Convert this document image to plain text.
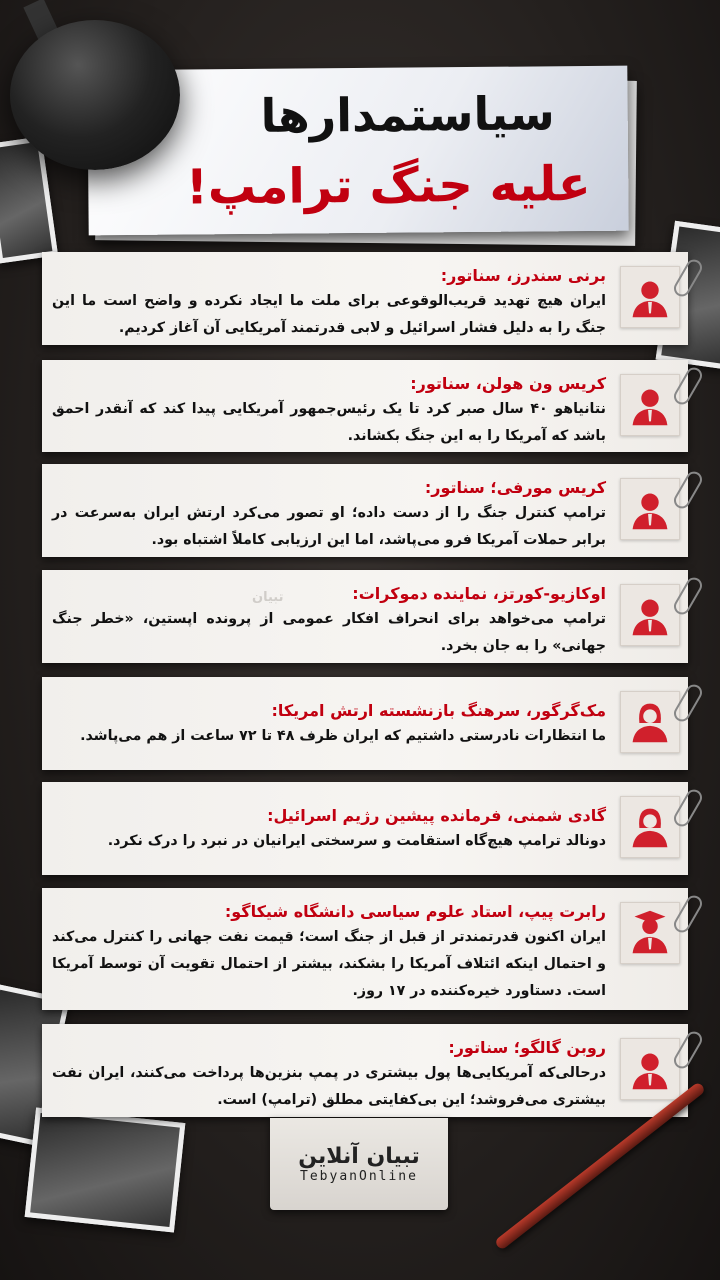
سیاستمدارها
علیه جنگ ترامپ!
برنی سندرز، سناتور:
ایران هیچ تهدید قریب‌الوقوعی برای ملت ما ایجاد نکرده و واضح است ما این جنگ را به دلیل فشار اسرائیل و لابی قدرتمند آمریکایی آن آغاز کردیم.
کریس ون هولن، سناتور:
نتانیاهو ۴۰ سال صبر کرد تا یک رئیس‌جمهور آمریکایی پیدا کند که آنقدر احمق باشد که آمریکا را به این جنگ بکشاند.
کریس مورفی؛ سناتور:
ترامپ کنترل جنگ را از دست داده؛ او تصور می‌کرد ارتش ایران به‌سرعت در برابر حملات آمریکا فرو می‌پاشد، اما این ارزیابی کاملاً اشتباه بود.
تبیان	اوکازیو-کورتز، نماینده دموکرات:
ترامپ می‌خواهد برای انحراف افکار عمومی از پرونده اپستین، «خطر جنگ جهانی» را به جان بخرد.
مک‌گرگور، سرهنگ بازنشسته ارتش امریکا:
ما انتظارات نادرستی داشتیم که ایران ظرف ۴۸ تا ۷۲ ساعت از هم می‌پاشد.
گادی شمنی، فرمانده پیشین رژیم اسرائیل:
دونالد ترامپ هیچ‌گاه استقامت و سرسختی ایرانیان در نبرد را درک نکرد.
رابرت پیپ، استاد علوم سیاسی دانشگاه شیکاگو:
ایران اکنون قدرتمندتر از قبل از جنگ است؛ قیمت نفت جهانی را کنترل می‌کند و احتمال اینکه ائتلاف آمریکا را بشکند، بیشتر از احتمال تقویت آن توسط آمریکا است. دستاورد خیره‌کننده در ۱۷ روز.
روبن گالگو؛ سناتور:
درحالی‌که آمریکایی‌ها پول بیشتری در پمپ بنزین‌ها پرداخت می‌کنند، ایران نفت بیشتری می‌فروشد؛ این بی‌کفایتی مطلق (ترامپ) است.
تبیان آنلاین
TebyanOnline
